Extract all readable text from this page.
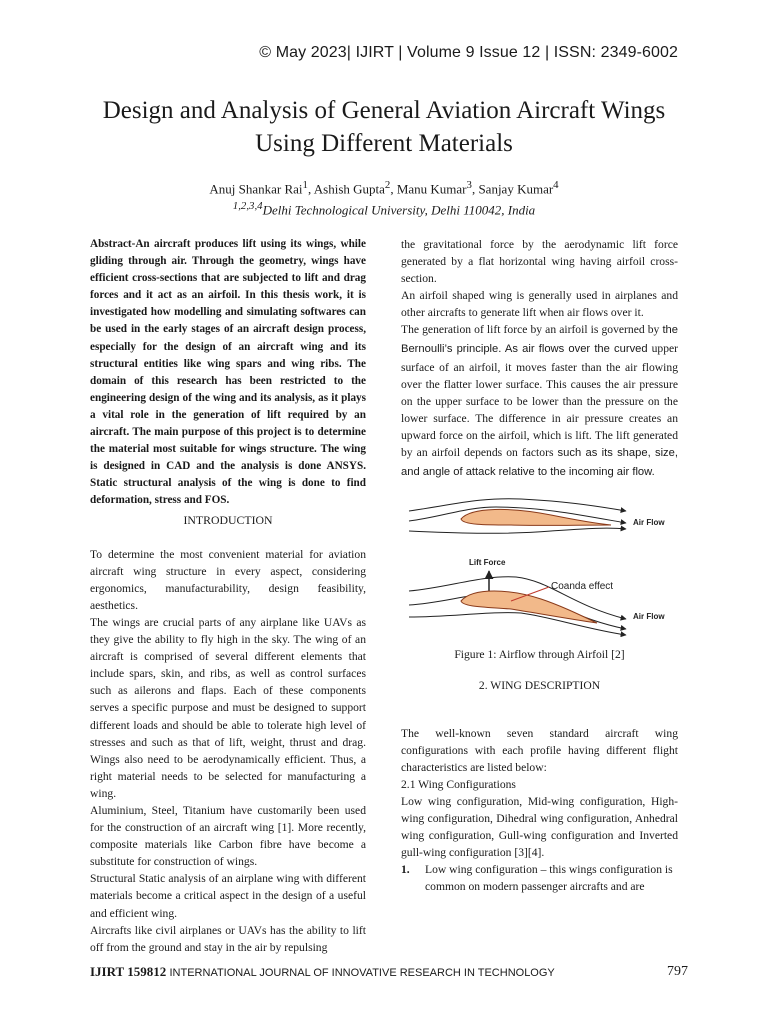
© May 2023| IJIRT | Volume 9 Issue 12 | ISSN: 2349-6002
Design and Analysis of General Aviation Aircraft Wings
Using Different Materials
Anuj Shankar Rai$^1$, Ashish Gupta$^2$, Manu Kumar$^3$, Sanjay Kumar$^4$
$^{1,2,3,4}$Delhi Technological University, Delhi 110042, India

Abstract-An aircraft produces lift using its wings, while gliding through air. Through the geometry, wings have efficient cross-sections that are subjected to lift and drag forces and it act as an airfoil. In this thesis work, it is investigated how modelling and simulating softwares can be used in the early stages of an aircraft design process, especially for the design of an aircraft wing and its structural entities like wing spars and wing ribs. The domain of this research has been restricted to the engineering design of the wing and its analysis, as it plays a vital role in the generation of lift required by an aircraft. The main purpose of this project is to determine the material most suitable for wings structure. The wing is designed in CAD and the analysis is done ANSYS. Static structural analysis of the wing is done to find deformation, stress and FOS.

INTRODUCTION

To determine the most convenient material for aviation aircraft wing structure in every aspect, considering ergonomics, manufacturability, design feasibility, aesthetics.

The wings are crucial parts of any airplane like UAVs as they give the ability to fly high in the sky. The wing of an aircraft is comprised of several different elements that include spars, skin, and ribs, as well as control surfaces such as ailerons and flaps. Each of these components serves a specific purpose and must be designed to support different loads and should be able to tolerate high level of stresses and such as that of lift, weight, thrust and drag. Wings also need to be aerodynamically efficient. Thus, a right material needs to be selected for manufacturing a wing.

Aluminium, Steel, Titanium have customarily been used for the construction of an aircraft wing [1]. More recently, composite materials like Carbon fibre have become a substitute for construction of wings.

Structural Static analysis of an airplane wing with different materials become a critical aspect in the design of a useful and efficient wing.

Aircrafts like civil airplanes or UAVs has the ability to lift off from the ground and stay in the air by repulsing

the gravitational force by the aerodynamic lift force generated by a flat horizontal wing having airfoil cross-section.

An airfoil shaped wing is generally used in airplanes and other aircrafts to generate lift when air flows over it.

The generation of lift force by an airfoil is governed by the Bernoulli’s principle. As air flows over the curved upper surface of an airfoil, it moves faster than the air flowing over the flatter lower surface. This causes the air pressure on the upper surface to be lower than the pressure on the lower surface. The difference in air pressure creates an upward force on the airfoil, which is lift. The lift generated by an airfoil depends on factors such as its shape, size, and angle of attack relative to the incoming air flow.

Air Flow
Lift Force
Coanda effect
Air Flow

Figure 1: Airflow through Airfoil [2]

2. WING DESCRIPTION

The well-known seven standard aircraft wing configurations with each profile having different flight characteristics are listed below:

2.1 Wing Configurations

Low wing configuration, Mid-wing configuration, High-wing configuration, Dihedral wing configuration, Anhedral wing configuration, Gull-wing configuration and Inverted gull-wing configuration [3][4].

1.	Low wing configuration – this wings configuration is common on modern passenger aircrafts and are
IJIRT 159812 INTERNATIONAL JOURNAL OF INNOVATIVE RESEARCH IN TECHNOLOGY	797
